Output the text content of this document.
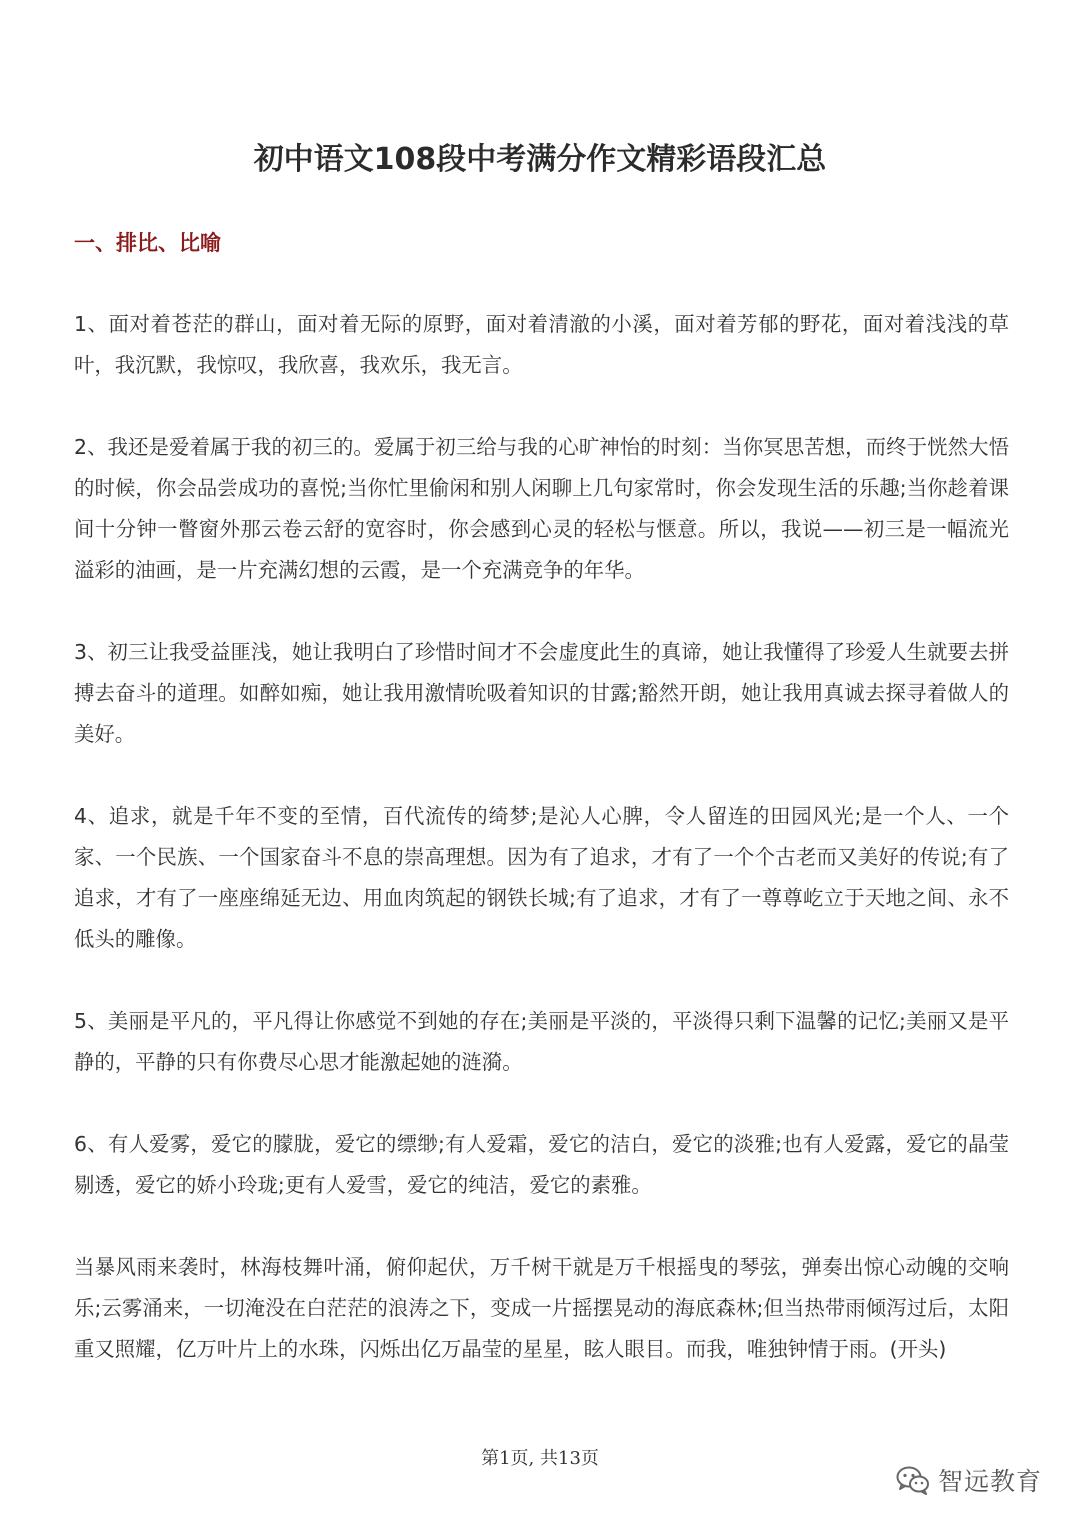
初中语文108段中考满分作文精彩语段汇总
一、排比、比喻

1、面对着苍茫的群山，面对着无际的原野，面对着清澈的小溪，面对着芳郁的野花，面对着浅浅的草叶，我沉默，我惊叹，我欣喜，我欢乐，我无言。

2、我还是爱着属于我的初三的。爱属于初三给与我的心旷神怡的时刻：当你冥思苦想，而终于恍然大悟的时候，你会品尝成功的喜悦;当你忙里偷闲和别人闲聊上几句家常时，你会发现生活的乐趣;当你趁着课间十分钟一瞥窗外那云卷云舒的宽容时，你会感到心灵的轻松与惬意。所以，我说——初三是一幅流光溢彩的油画，是一片充满幻想的云霞，是一个充满竞争的年华。

3、初三让我受益匪浅，她让我明白了珍惜时间才不会虚度此生的真谛，她让我懂得了珍爱人生就要去拼搏去奋斗的道理。如醉如痴，她让我用激情吮吸着知识的甘露;豁然开朗，她让我用真诚去探寻着做人的美好。

4、追求，就是千年不变的至情，百代流传的绮梦;是沁人心脾，令人留连的田园风光;是一个人、一个家、一个民族、一个国家奋斗不息的崇高理想。因为有了追求，才有了一个个古老而又美好的传说;有了追求，才有了一座座绵延无边、用血肉筑起的钢铁长城;有了追求，才有了一尊尊屹立于天地之间、永不低头的雕像。

5、美丽是平凡的，平凡得让你感觉不到她的存在;美丽是平淡的，平淡得只剩下温馨的记忆;美丽又是平静的，平静的只有你费尽心思才能激起她的涟漪。

6、有人爱雾，爱它的朦胧，爱它的缥缈;有人爱霜，爱它的洁白，爱它的淡雅;也有人爱露，爱它的晶莹剔透，爱它的娇小玲珑;更有人爱雪，爱它的纯洁，爱它的素雅。

当暴风雨来袭时，林海枝舞叶涌，俯仰起伏，万千树干就是万千根摇曳的琴弦，弹奏出惊心动魄的交响乐;云雾涌来，一切淹没在白茫茫的浪涛之下，变成一片摇摆晃动的海底森林;但当热带雨倾泻过后，太阳重又照耀，亿万叶片上的水珠，闪烁出亿万晶莹的星星，眩人眼目。而我，唯独钟情于雨。(开头)

第1页, 共13页
智远教育
